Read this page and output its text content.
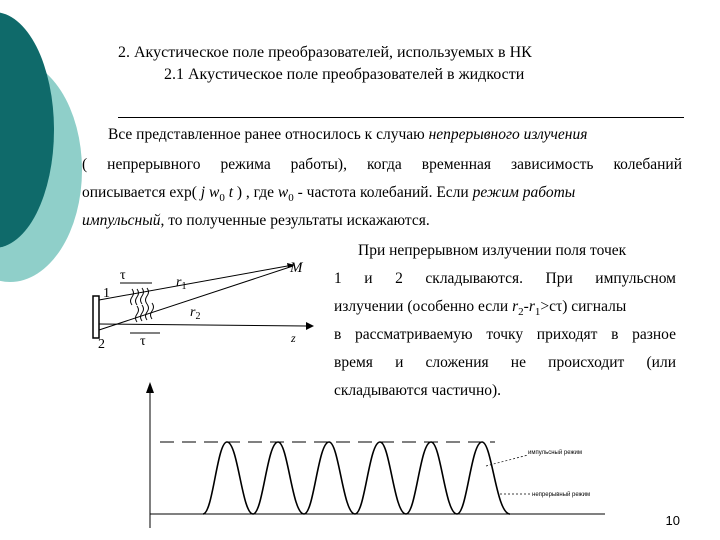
2. Акустическое поле преобразователей, используемых в НК
2.1 Акустическое поле преобразователей в жидкости
Все представленное ранее относилось к случаю непрерывного излучения
( непрерывного режима работы), когда временная зависимость колебаний
описывается exp( j $w_0$ t ) , где $w_0$ - частота колебаний. Если режим работы
импульсный, то полученные результаты искажаются.
При непрерывном излучении поля точек
1 и 2 складываются. При импульсном
излучении (особенно если $r_2-r_1>c\tau$) сигналы
в рассматриваемую точку приходят в разное
время и сложения не происходит (или
складываются частично).
τ
τ
1
2
$r_1$
$r_2$
M
z
импульсный режим
непрерывный режим
10
